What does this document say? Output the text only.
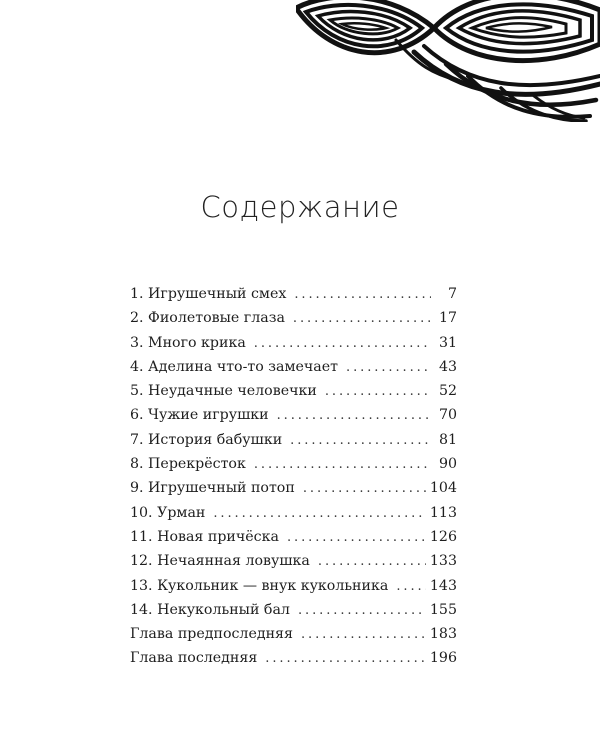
Содержание
1. Игрушечный смех . . .	7
2. Фиолетовые глаза . . .	17
3. Много крика . . .	31
4. Аделина что-то замечает . . .	43
5. Неудачные человечки . . .	52
6. Чужие игрушки . . .	70
7. История бабушки . . .	81
8. Перекрёсток . . .	90
9. Игрушечный потоп . . .	104
10. Урман . . .	113
11. Новая причёска . . .	126
12. Нечаянная ловушка . . .	133
13. Кукольник — внук кукольника . . .	143
14. Некукольный бал . . .	155
Глава предпоследняя . . .	183
Глава последняя . . .	196
